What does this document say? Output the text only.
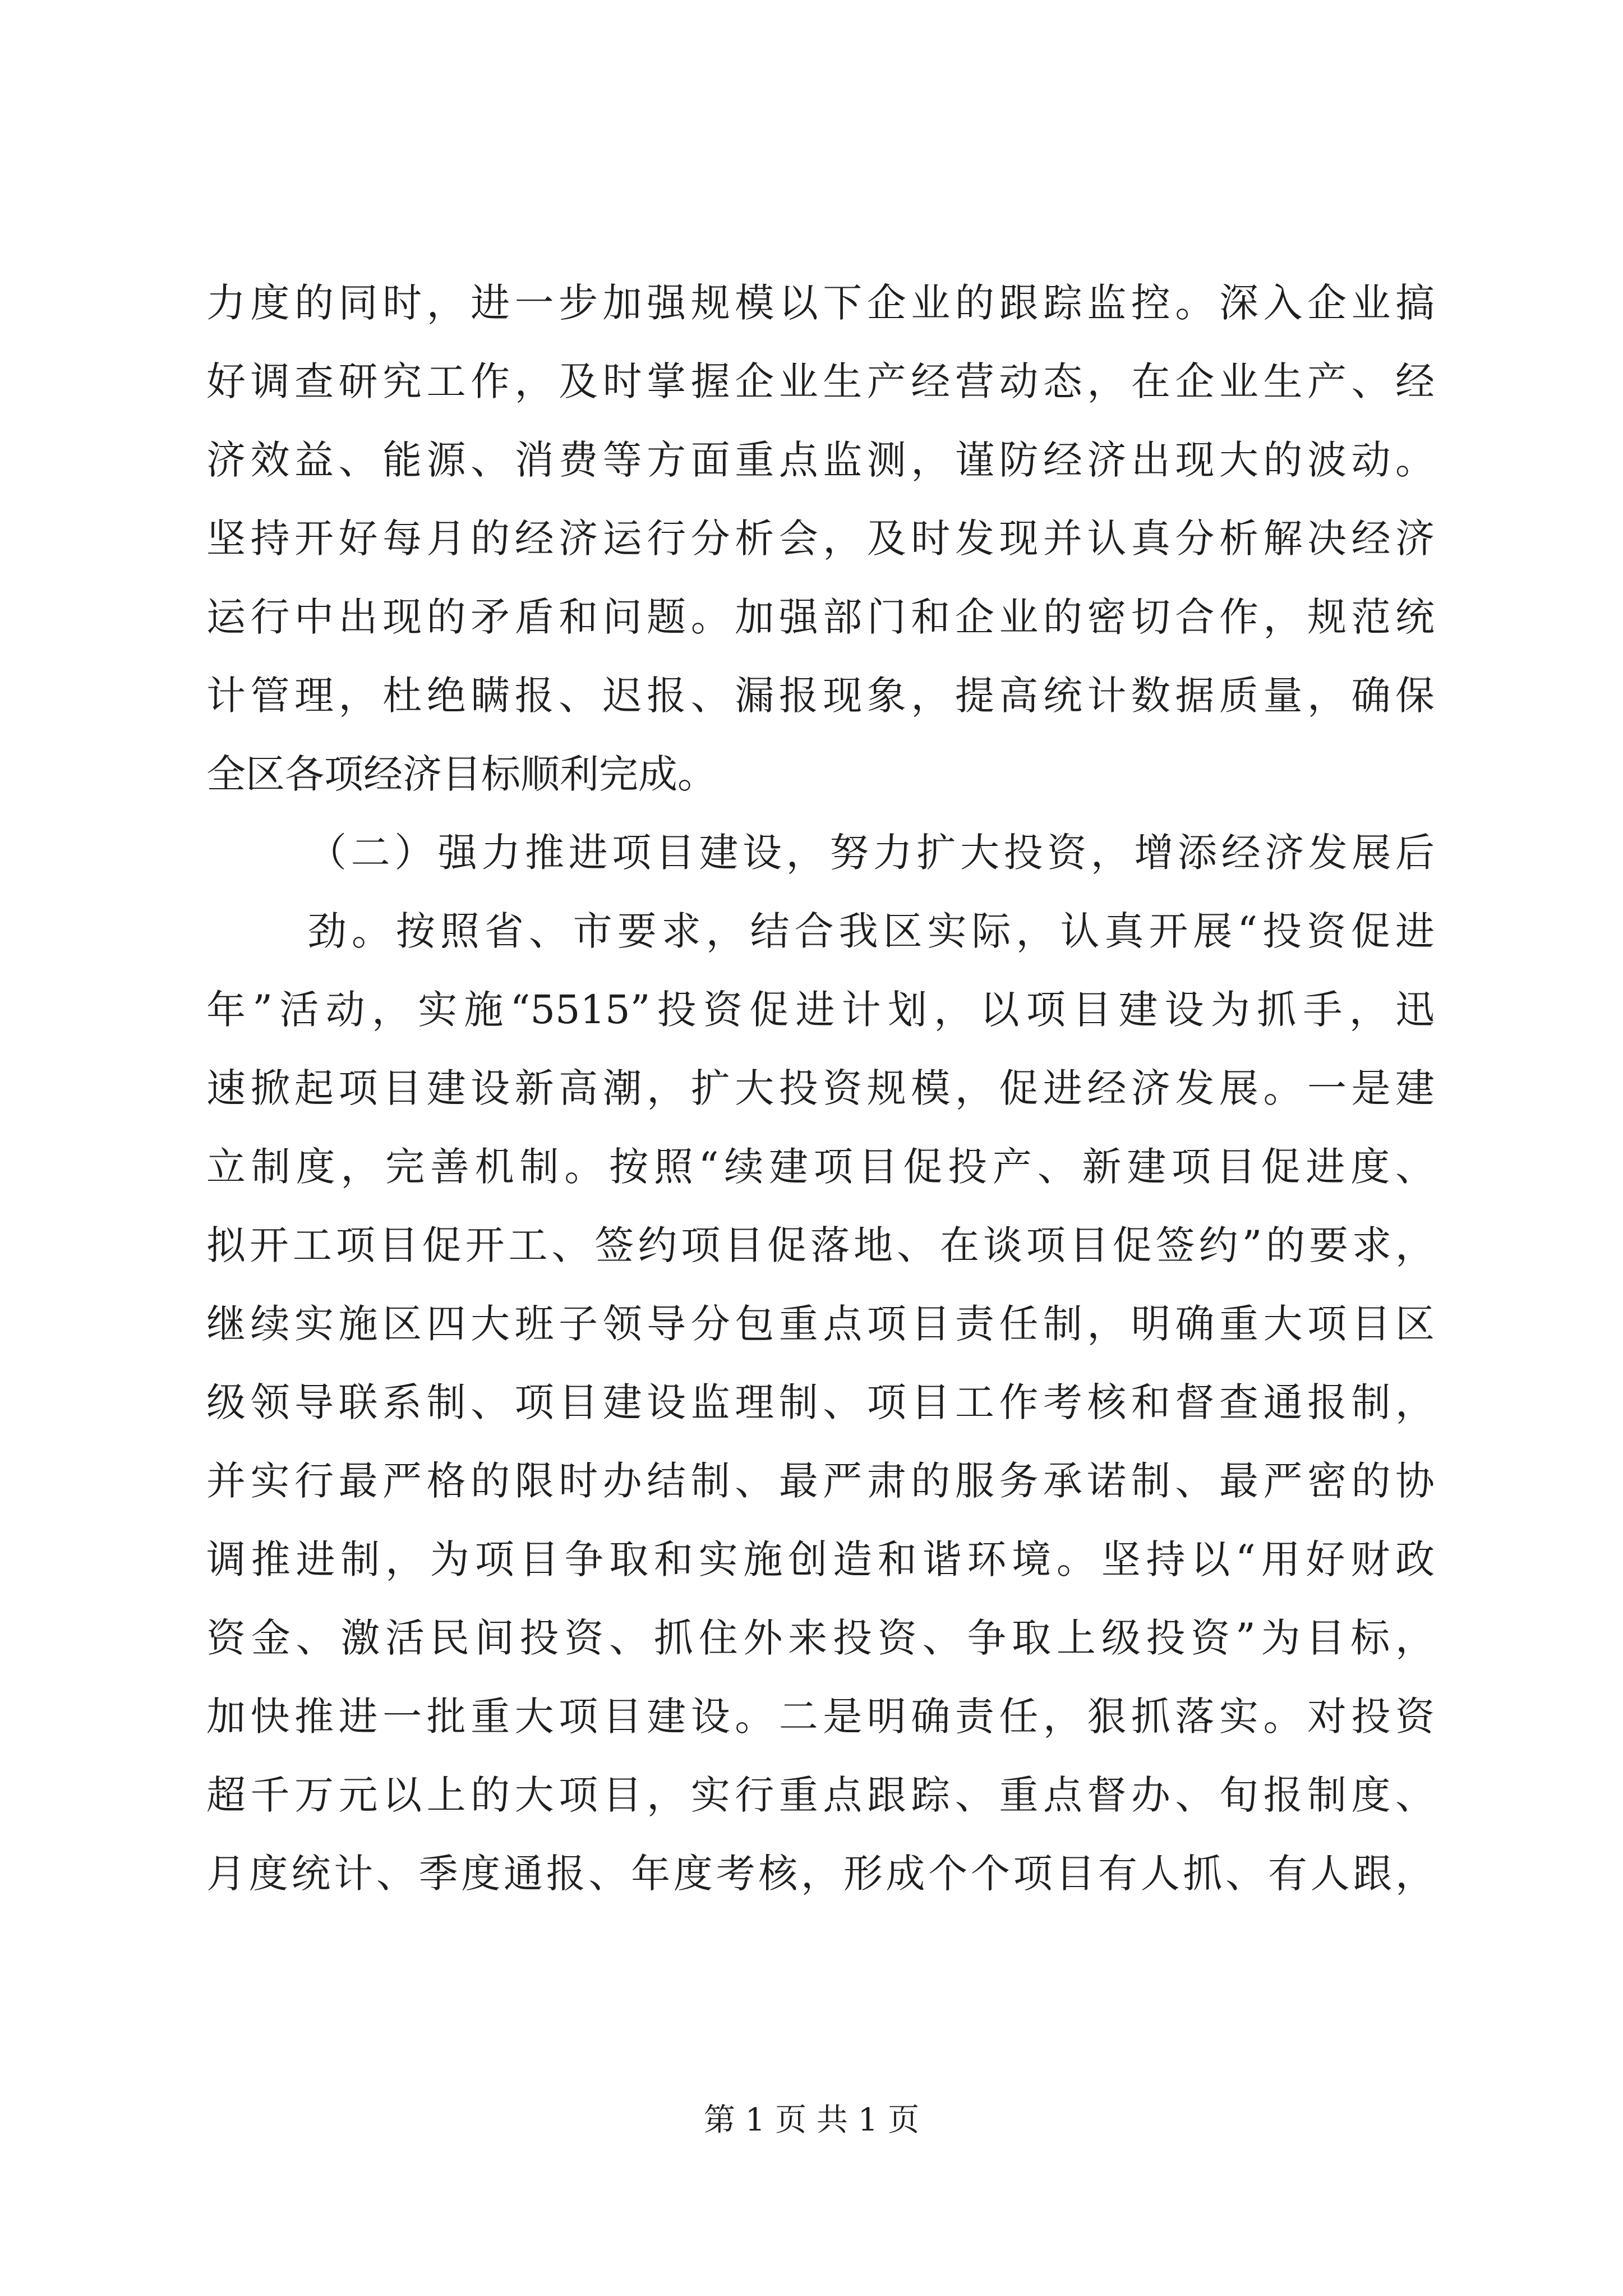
力度的同时，进一步加强规模以下企业的跟踪监控。深入企业搞
好调查研究工作，及时掌握企业生产经营动态，在企业生产、经
济效益、能源、消费等方面重点监测，谨防经济出现大的波动。
坚持开好每月的经济运行分析会，及时发现并认真分析解决经济
运行中出现的矛盾和问题。加强部门和企业的密切合作，规范统
计管理，杜绝瞒报、迟报、漏报现象，提高统计数据质量，确保
全区各项经济目标顺利完成。
（二）强力推进项目建设，努力扩大投资，增添经济发展后
劲。按照省、市要求，结合我区实际，认真开展“投资促进
年”活动，实施“5515”投资促进计划，以项目建设为抓手，迅
速掀起项目建设新高潮，扩大投资规模，促进经济发展。一是建
立制度，完善机制。按照“续建项目促投产、新建项目促进度、
拟开工项目促开工、签约项目促落地、在谈项目促签约”的要求，
继续实施区四大班子领导分包重点项目责任制，明确重大项目区
级领导联系制、项目建设监理制、项目工作考核和督查通报制，
并实行最严格的限时办结制、最严肃的服务承诺制、最严密的协
调推进制，为项目争取和实施创造和谐环境。坚持以“用好财政
资金、激活民间投资、抓住外来投资、争取上级投资”为目标，
加快推进一批重大项目建设。二是明确责任，狠抓落实。对投资
超千万元以上的大项目，实行重点跟踪、重点督办、旬报制度、
月度统计、季度通报、年度考核，形成个个项目有人抓、有人跟，
第 1 页 共 1 页
